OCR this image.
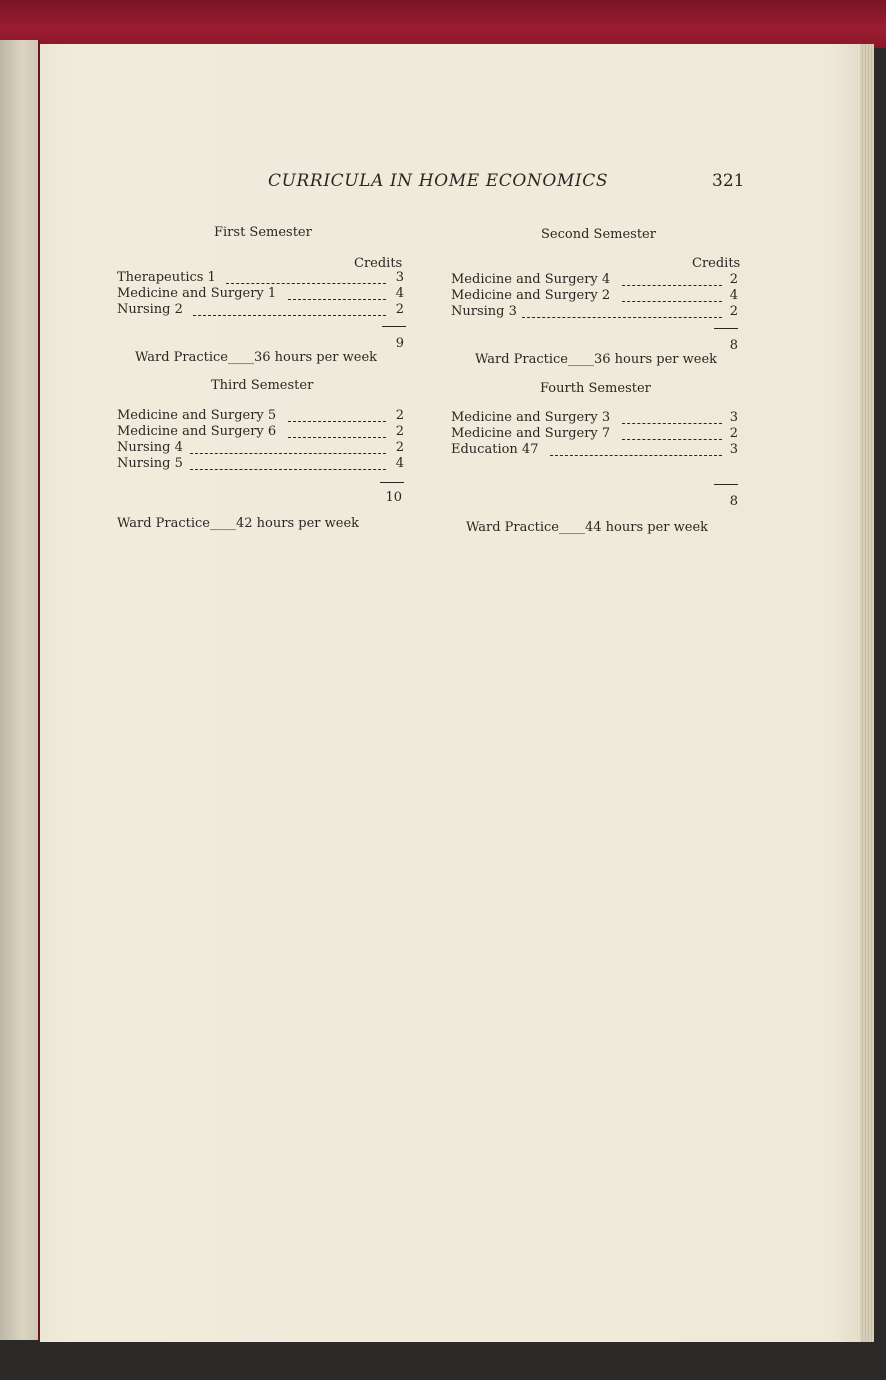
CURRICULA IN HOME ECONOMICS	321
First Semester
Credits
Therapeutics 1	3
Medicine and Surgery 1	4
Nursing 2	2
9
Ward Practice____36 hours per week
Second Semester
Credits
Medicine and Surgery 4	2
Medicine and Surgery 2	4
Nursing 3	2
8
Ward Practice____36 hours per week
Third Semester
Medicine and Surgery 5	2
Medicine and Surgery 6	2
Nursing 4	2
Nursing 5	4
10
Ward Practice____42 hours per week
Fourth Semester
Medicine and Surgery 3	3
Medicine and Surgery 7	2
Education 47	3
8
Ward Practice____44 hours per week
